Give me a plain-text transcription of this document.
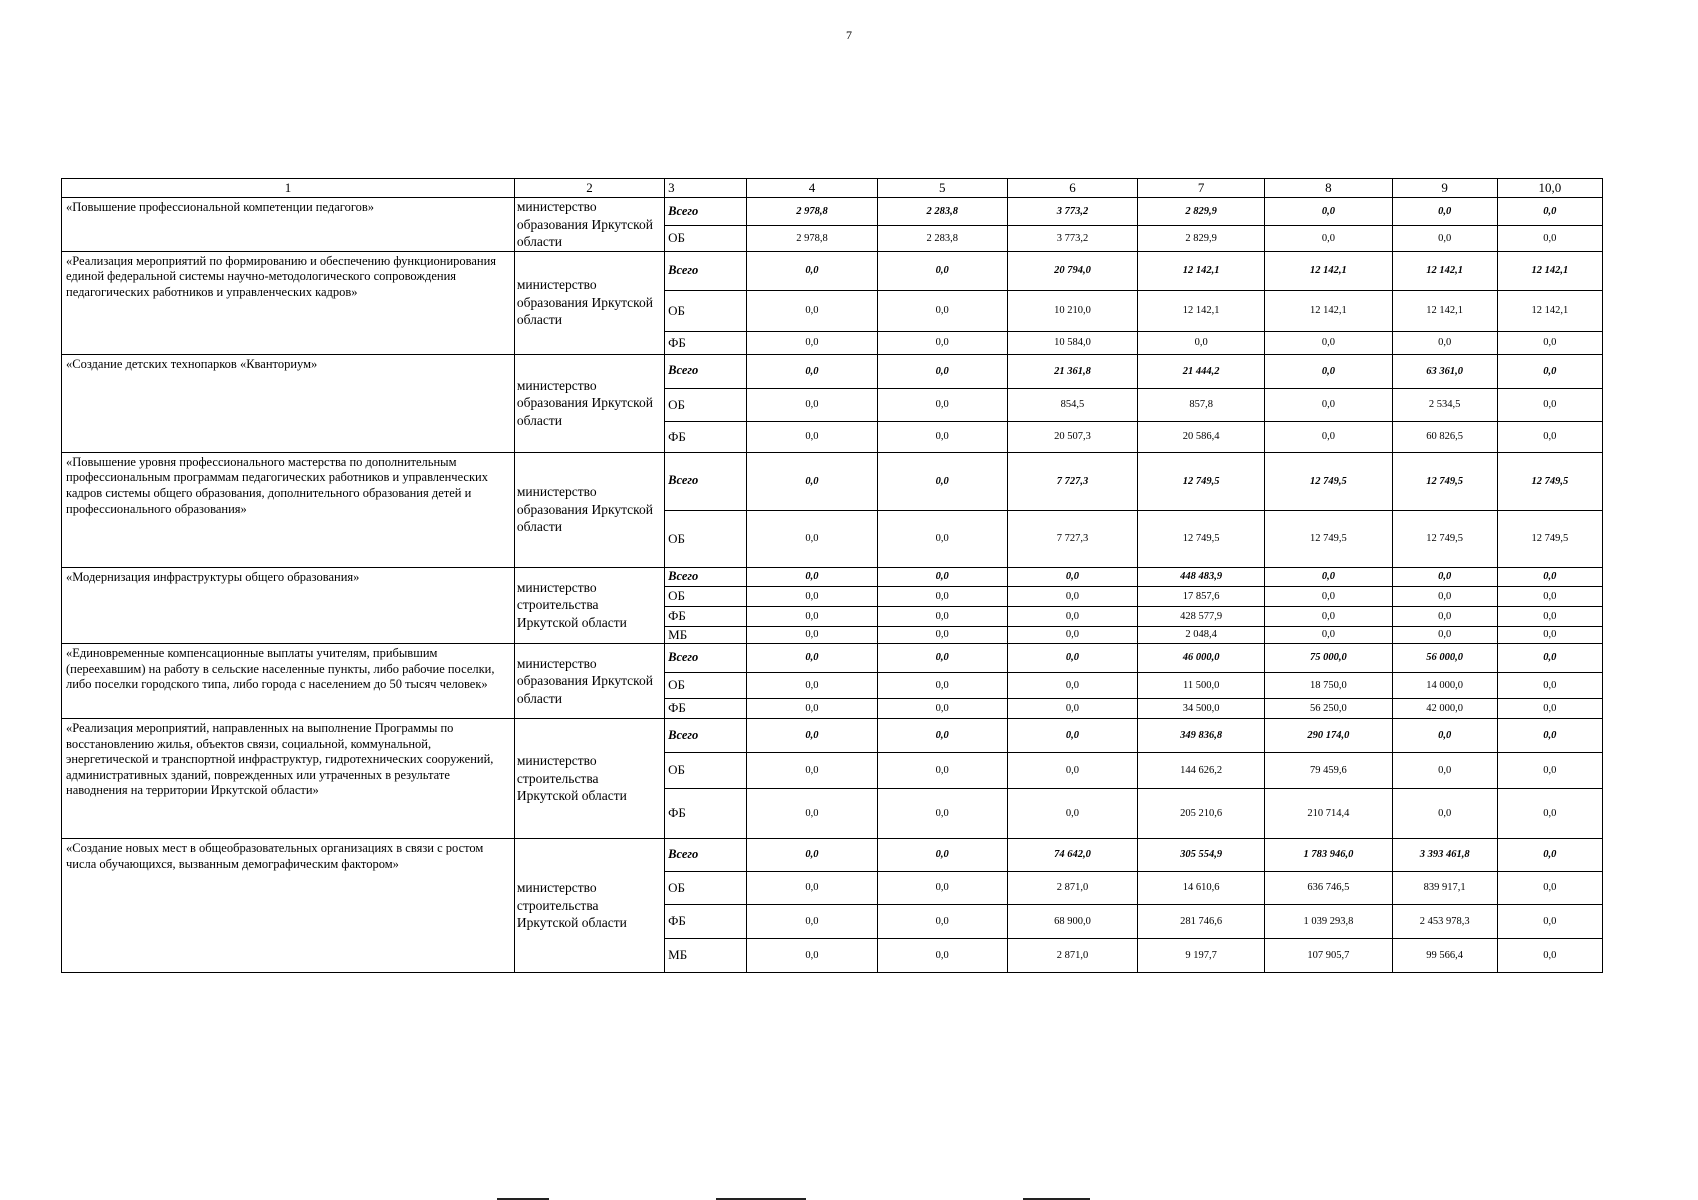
7
1	2	3	4	5	6	7	8	9	10,0
«Повышение профессиональной компетенции педагогов»	министерство образования Иркутской области	Всего	2 978,8	2 283,8	3 773,2	2 829,9	0,0	0,0	0,0
		ОБ	2 978,8	2 283,8	3 773,2	2 829,9	0,0	0,0	0,0
«Реализация мероприятий по формированию и обеспечению функционирования единой федеральной системы научно-методологического сопровождения педагогических работников и управленческих кадров»	министерство образования Иркутской области	Всего	0,0	0,0	20 794,0	12 142,1	12 142,1	12 142,1	12 142,1
		ОБ	0,0	0,0	10 210,0	12 142,1	12 142,1	12 142,1	12 142,1
		ФБ	0,0	0,0	10 584,0	0,0	0,0	0,0	0,0
«Создание детских технопарков «Кванториум»	министерство образования Иркутской области	Всего	0,0	0,0	21 361,8	21 444,2	0,0	63 361,0	0,0
		ОБ	0,0	0,0	854,5	857,8	0,0	2 534,5	0,0
		ФБ	0,0	0,0	20 507,3	20 586,4	0,0	60 826,5	0,0
«Повышение уровня профессионального мастерства по дополнительным профессиональным программам педагогических работников и управленческих кадров системы общего образования, дополнительного образования детей и профессионального образования»	министерство образования Иркутской области	Всего	0,0	0,0	7 727,3	12 749,5	12 749,5	12 749,5	12 749,5
		ОБ	0,0	0,0	7 727,3	12 749,5	12 749,5	12 749,5	12 749,5
«Модернизация инфраструктуры общего образования»	министерство строительства Иркутской области	Всего	0,0	0,0	0,0	448 483,9	0,0	0,0	0,0
		ОБ	0,0	0,0	0,0	17 857,6	0,0	0,0	0,0
		ФБ	0,0	0,0	0,0	428 577,9	0,0	0,0	0,0
		МБ	0,0	0,0	0,0	2 048,4	0,0	0,0	0,0
«Единовременные компенсационные выплаты учителям, прибывшим (переехавшим) на работу в сельские населенные пункты, либо рабочие поселки, либо поселки городского типа, либо города с населением до 50 тысяч человек»	министерство образования Иркутской области	Всего	0,0	0,0	0,0	46 000,0	75 000,0	56 000,0	0,0
		ОБ	0,0	0,0	0,0	11 500,0	18 750,0	14 000,0	0,0
		ФБ	0,0	0,0	0,0	34 500,0	56 250,0	42 000,0	0,0
«Реализация мероприятий, направленных на выполнение Программы по восстановлению жилья, объектов связи, социальной, коммунальной, энергетической и транспортной инфраструктур, гидротехнических сооружений, административных зданий, поврежденных или утраченных в результате наводнения на территории Иркутской области»	министерство строительства Иркутской области	Всего	0,0	0,0	0,0	349 836,8	290 174,0	0,0	0,0
		ОБ	0,0	0,0	0,0	144 626,2	79 459,6	0,0	0,0
		ФБ	0,0	0,0	0,0	205 210,6	210 714,4	0,0	0,0
«Создание новых мест в общеобразовательных организациях в связи с ростом числа обучающихся, вызванным демографическим фактором»	министерство строительства Иркутской области	Всего	0,0	0,0	74 642,0	305 554,9	1 783 946,0	3 393 461,8	0,0
		ОБ	0,0	0,0	2 871,0	14 610,6	636 746,5	839 917,1	0,0
		ФБ	0,0	0,0	68 900,0	281 746,6	1 039 293,8	2 453 978,3	0,0
		МБ	0,0	0,0	2 871,0	9 197,7	107 905,7	99 566,4	0,0
